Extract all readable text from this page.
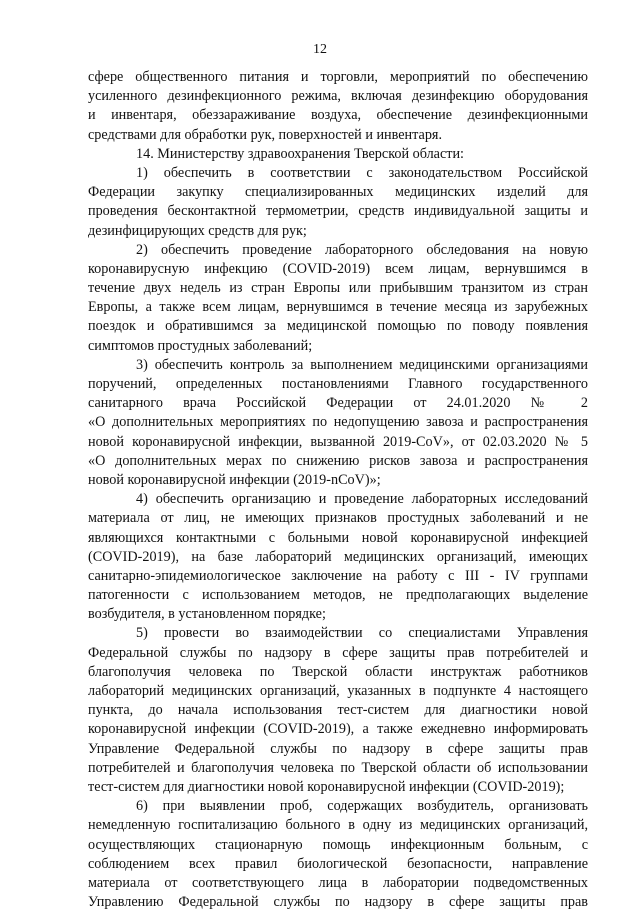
12
сфере общественного питания и торговли, мероприятий по обеспечению
усиленного дезинфекционного режима, включая дезинфекцию оборудования
и инвентаря, обеззараживание воздуха, обеспечение дезинфекционными
средствами для обработки рук, поверхностей и инвентаря.
14. Министерству здравоохранения Тверской области:
1) обеспечить в соответствии с законодательством Российской
Федерации закупку специализированных медицинских изделий для
проведения бесконтактной термометрии, средств индивидуальной защиты и
дезинфицирующих средств для рук;
2) обеспечить проведение лабораторного обследования на новую
коронавирусную инфекцию (COVID-2019) всем лицам, вернувшимся в
течение двух недель из стран Европы или прибывшим транзитом из стран
Европы, а также всем лицам, вернувшимся в течение месяца из зарубежных
поездок и обратившимся за медицинской помощью по поводу появления
симптомов простудных заболеваний;
3) обеспечить контроль за выполнением медицинскими организациями
поручений, определенных постановлениями Главного государственного
санитарного врача Российской Федерации от 24.01.2020 № 2
«О дополнительных мероприятиях по недопущению завоза и распространения
новой коронавирусной инфекции, вызванной 2019-CoV», от 02.03.2020 № 5
«О дополнительных мерах по снижению рисков завоза и распространения
новой коронавирусной инфекции (2019-nCoV)»;
4) обеспечить организацию и проведение лабораторных исследований
материала от лиц, не имеющих признаков простудных заболеваний и не
являющихся контактными с больными новой коронавирусной инфекцией
(COVID-2019), на базе лабораторий медицинских организаций, имеющих
санитарно-эпидемиологическое заключение на работу с III - IV группами
патогенности с использованием методов, не предполагающих выделение
возбудителя, в установленном порядке;
5) провести во взаимодействии со специалистами Управления
Федеральной службы по надзору в сфере защиты прав потребителей и
благополучия человека по Тверской области инструктаж работников
лабораторий медицинских организаций, указанных в подпункте 4 настоящего
пункта, до начала использования тест-систем для диагностики новой
коронавирусной инфекции (COVID-2019), а также ежедневно информировать
Управление Федеральной службы по надзору в сфере защиты прав
потребителей и благополучия человека по Тверской области об использовании
тест-систем для диагностики новой коронавирусной инфекции (COVID-2019);
6) при выявлении проб, содержащих возбудитель, организовать
немедленную госпитализацию больного в одну из медицинских организаций,
осуществляющих стационарную помощь инфекционным больным, с
соблюдением всех правил биологической безопасности, направление
материала от соответствующего лица в лаборатории подведомственных
Управлению Федеральной службы по надзору в сфере защиты прав
